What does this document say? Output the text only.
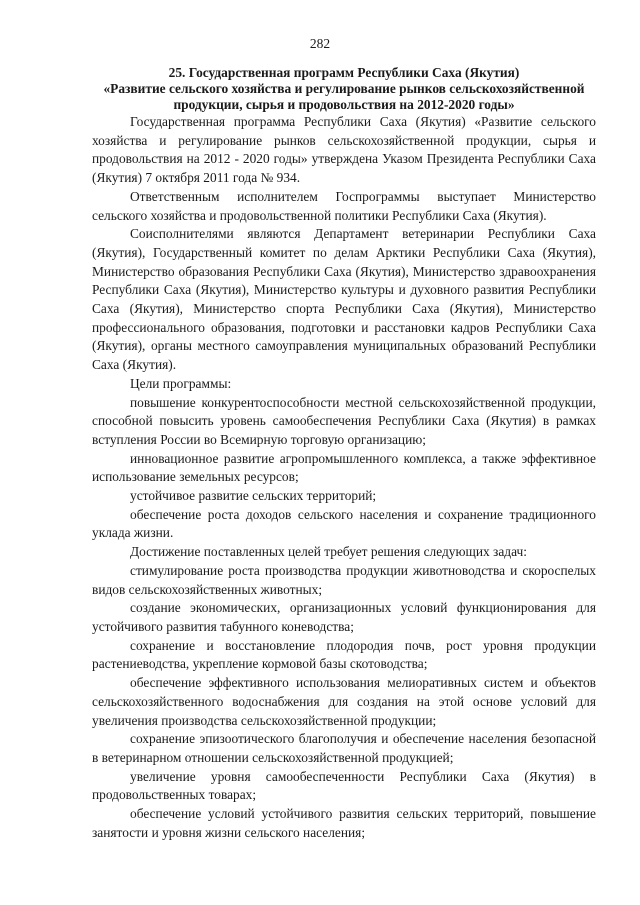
282
25. Государственная программ Республики Саха (Якутия)
«Развитие сельского хозяйства и регулирование рынков сельскохозяйственной
продукции, сырья и продовольствия на 2012-2020 годы»

Государственная программа Республики Саха (Якутия) «Развитие сельского хозяйства и регулирование рынков сельскохозяйственной продукции, сырья и продовольствия на 2012 - 2020 годы» утверждена Указом Президента Республики Саха (Якутия) 7 октября 2011 года № 934.

Ответственным исполнителем Госпрограммы выступает Министерство сельского хозяйства и продовольственной политики Республики Саха (Якутия).

Соисполнителями являются Департамент ветеринарии Республики Саха (Якутия), Государственный комитет по делам Арктики Республики Саха (Якутия), Министерство образования Республики Саха (Якутия), Министерство здравоохранения Республики Саха (Якутия), Министерство культуры и духовного развития Республики Саха (Якутия), Министерство спорта Республики Саха (Якутия), Министерство профессионального образования, подготовки и расстановки кадров Республики Саха (Якутия), органы местного самоуправления муниципальных образований Республики Саха (Якутия).

Цели программы:

повышение конкурентоспособности местной сельскохозяйственной продукции, способной повысить уровень самообеспечения Республики Саха (Якутия) в рамках вступления России во Всемирную торговую организацию;

инновационное развитие агропромышленного комплекса, а также эффективное использование земельных ресурсов;

устойчивое развитие сельских территорий;

обеспечение роста доходов сельского населения и сохранение традиционного уклада жизни.

Достижение поставленных целей требует решения следующих задач:

стимулирование роста производства продукции животноводства и скороспелых видов сельскохозяйственных животных;

создание экономических, организационных условий функционирования для устойчивого развития табунного коневодства;

сохранение и восстановление плодородия почв, рост уровня продукции растениеводства, укрепление кормовой базы скотоводства;

обеспечение эффективного использования мелиоративных систем и объектов сельскохозяйственного водоснабжения для создания на этой основе условий для увеличения производства сельскохозяйственной продукции;

сохранение эпизоотического благополучия и обеспечение населения безопасной в ветеринарном отношении сельскохозяйственной продукцией;

увеличение уровня самообеспеченности Республики Саха (Якутия) в продовольственных товарах;

обеспечение условий устойчивого развития сельских территорий, повышение занятости и уровня жизни сельского населения;
